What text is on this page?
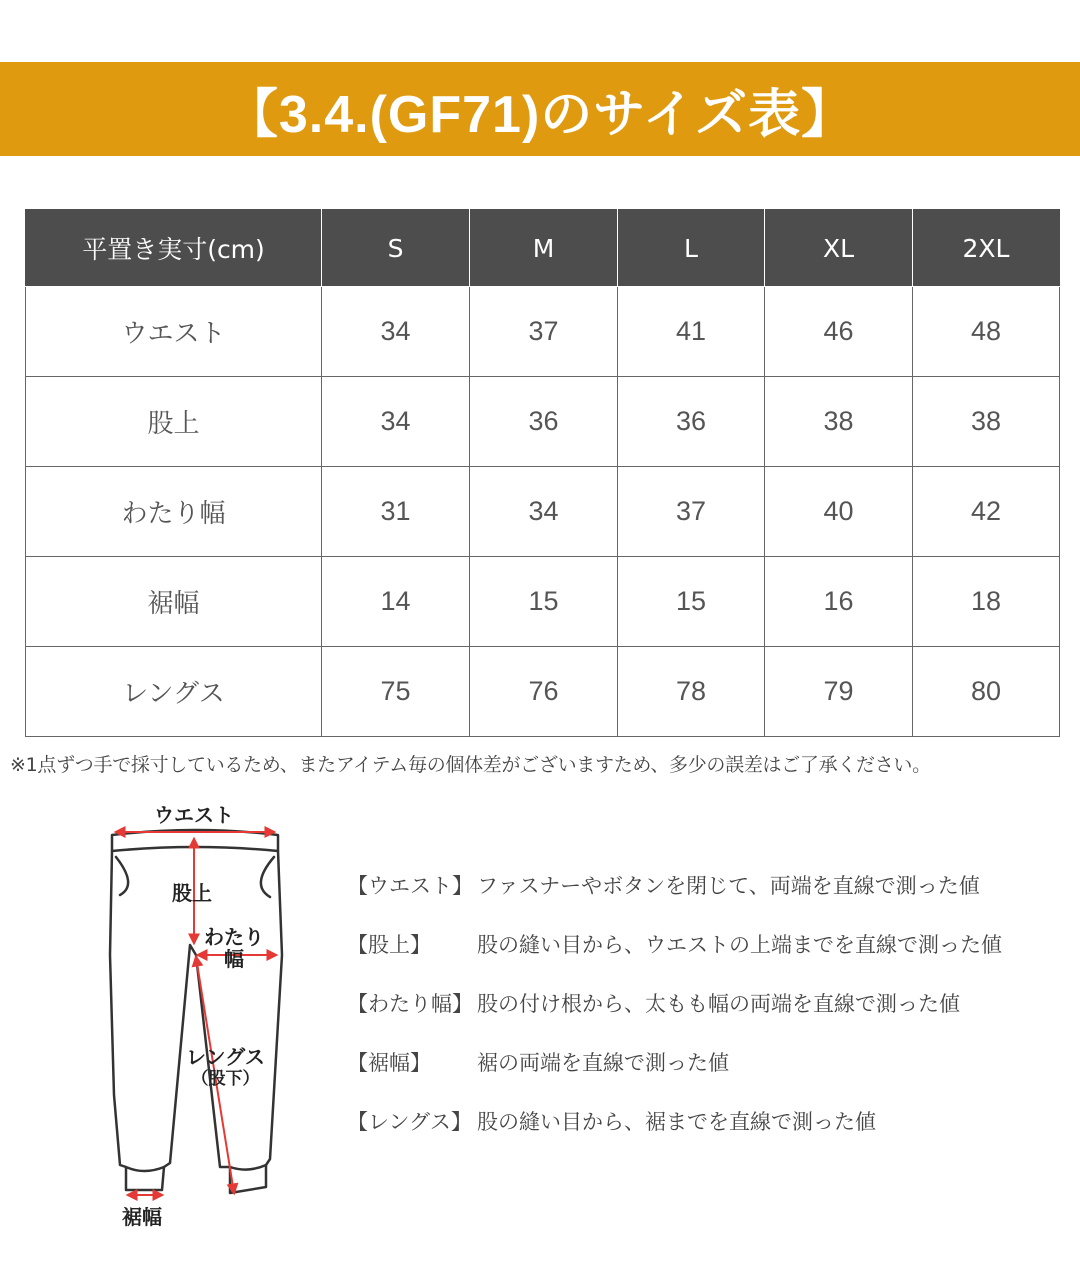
【3.4.(GF71)のサイズ表】
平置き実寸(cm)	S	M	L	XL	2XL
ウエスト	34	37	41	46	48
股上	34	36	36	38	38
わたり幅	31	34	37	40	42
裾幅	14	15	15	16	18
レングス	75	76	78	79	80
※1点ずつ手で採寸しているため、またアイテム毎の個体差がございますため、多少の誤差はご了承ください。
ウエスト
股上
わたり
幅
レングス
（股下）
裾幅
【ウエスト】 ファスナーやボタンを閉じて、両端を直線で測った値
【股上】 股の縫い目から、ウエストの上端までを直線で測った値
【わたり幅】 股の付け根から、太もも幅の両端を直線で測った値
【裾幅】 裾の両端を直線で測った値
【レングス】 股の縫い目から、裾までを直線で測った値
